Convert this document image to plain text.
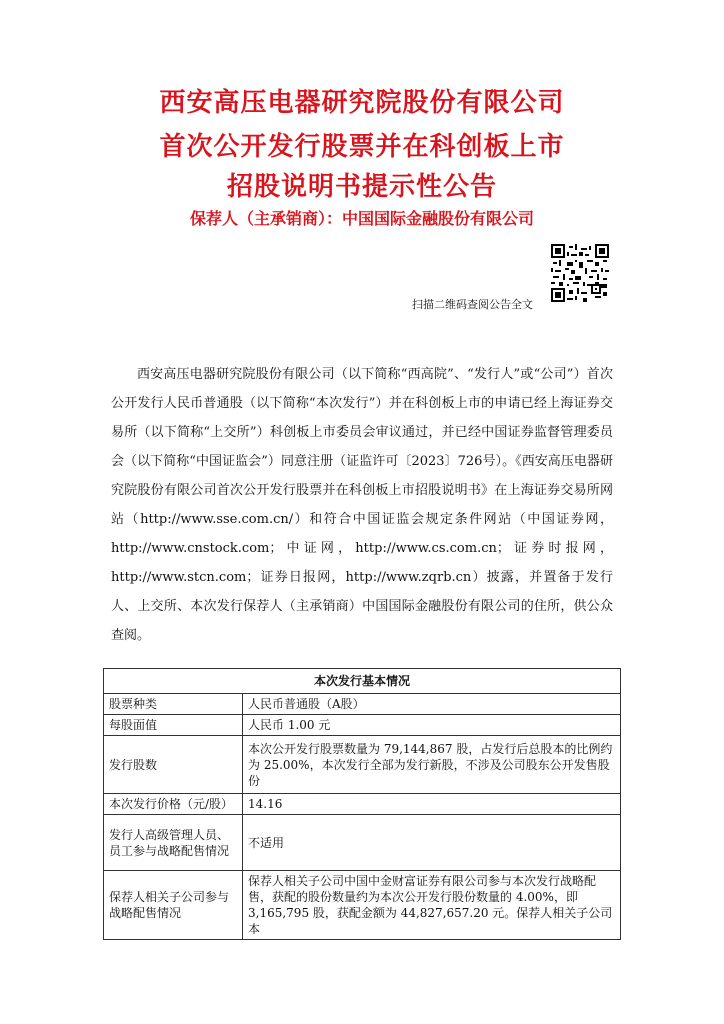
西安高压电器研究院股份有限公司
首次公开发行股票并在科创板上市
招股说明书提示性公告
保荐人（主承销商）：中国国际金融股份有限公司
扫描二维码查阅公告全文

西安高压电器研究院股份有限公司（以下简称“西高院”、“发行人”或“公司”）首次公开发行人民币普通股（以下简称“本次发行”）并在科创板上市的申请已经上海证券交易所（以下简称“上交所”）科创板上市委员会审议通过，并已经中国证券监督管理委员会（以下简称“中国证监会”）同意注册（证监许可〔2023〕726号）。《西安高压电器研究院股份有限公司首次公开发行股票并在科创板上市招股说明书》在上海证券交易所网站（http://www.sse.com.cn/）和符合中国证监会规定条件网站（中国证券网，http://www.cnstock.com；中证网，http://www.cs.com.cn；证券时报网，http://www.stcn.com；证券日报网，http://www.zqrb.cn）披露，并置备于发行人、上交所、本次发行保荐人（主承销商）中国国际金融股份有限公司的住所，供公众查阅。

本次发行基本情况	
股票种类	人民币普通股（A股）
每股面值	人民币 1.00 元
发行股数	本次公开发行股票数量为 79,144,867 股，占发行后总股本的比例约为 25.00%，本次发行全部为发行新股，不涉及公司股东公开发售股份
本次发行价格（元/股）	14.16
发行人高级管理人员、员工参与战略配售情况	不适用
保荐人相关子公司参与战略配售情况	保荐人相关子公司中国中金财富证券有限公司参与本次发行战略配售，获配的股份数量约为本次公开发行股份数量的 4.00%，即 3,165,795 股，获配金额为 44,827,657.20 元。保荐人相关子公司本
